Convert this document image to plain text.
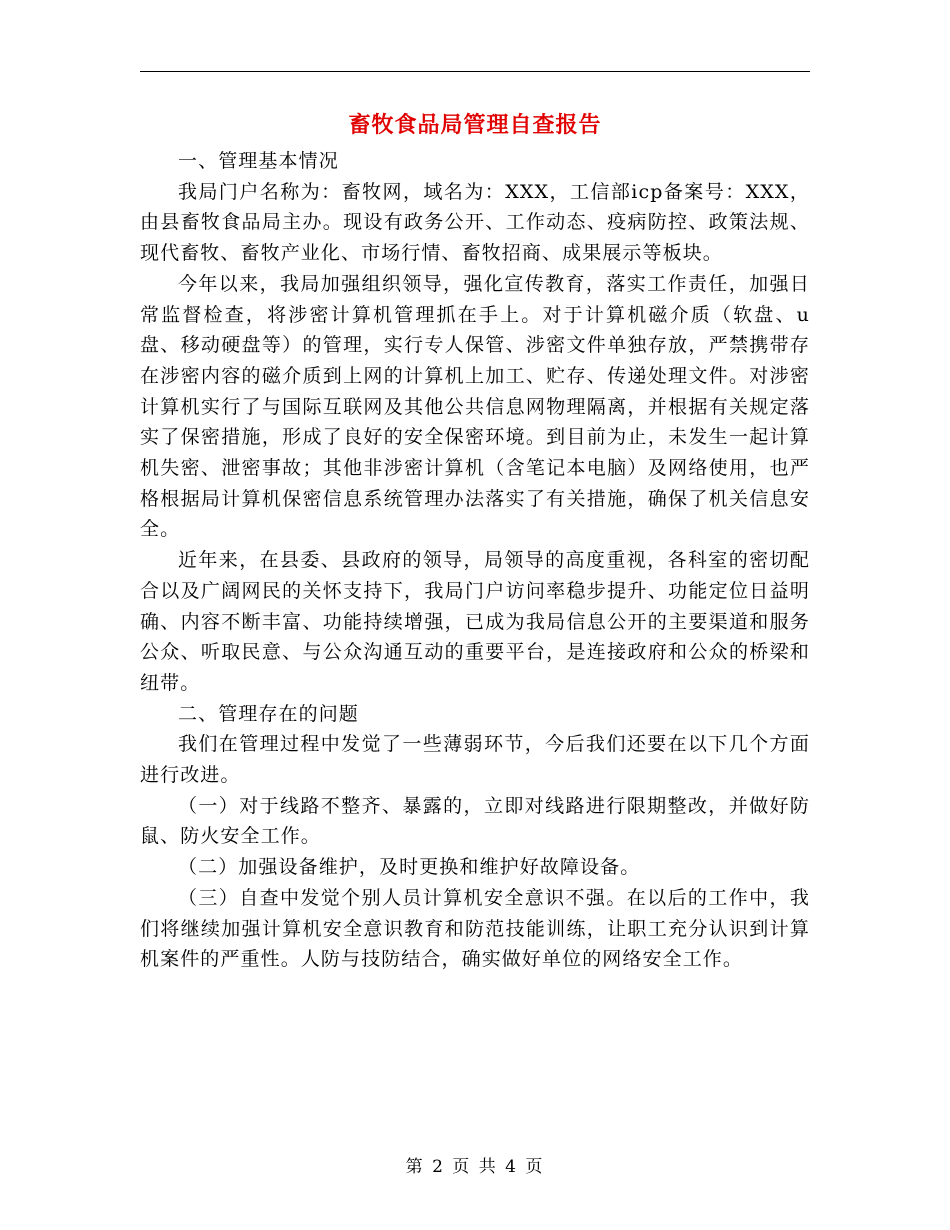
畜牧食品局管理自查报告

一、管理基本情况

我局门户名称为：畜牧网，域名为：XXX，工信部icp备案号：XXX，由县畜牧食品局主办。现设有政务公开、工作动态、疫病防控、政策法规、现代畜牧、畜牧产业化、市场行情、畜牧招商、成果展示等板块。

今年以来，我局加强组织领导，强化宣传教育，落实工作责任，加强日常监督检查，将涉密计算机管理抓在手上。对于计算机磁介质（软盘、u盘、移动硬盘等）的管理，实行专人保管、涉密文件单独存放，严禁携带存在涉密内容的磁介质到上网的计算机上加工、贮存、传递处理文件。对涉密计算机实行了与国际互联网及其他公共信息网物理隔离，并根据有关规定落实了保密措施，形成了良好的安全保密环境。到目前为止，未发生一起计算机失密、泄密事故；其他非涉密计算机（含笔记本电脑）及网络使用，也严格根据局计算机保密信息系统管理办法落实了有关措施，确保了机关信息安全。

近年来，在县委、县政府的领导，局领导的高度重视，各科室的密切配合以及广阔网民的关怀支持下，我局门户访问率稳步提升、功能定位日益明确、内容不断丰富、功能持续增强，已成为我局信息公开的主要渠道和服务公众、听取民意、与公众沟通互动的重要平台，是连接政府和公众的桥梁和纽带。

二、管理存在的问题

我们在管理过程中发觉了一些薄弱环节，今后我们还要在以下几个方面进行改进。

（一）对于线路不整齐、暴露的，立即对线路进行限期整改，并做好防鼠、防火安全工作。

（二）加强设备维护，及时更换和维护好故障设备。

（三）自查中发觉个别人员计算机安全意识不强。在以后的工作中，我们将继续加强计算机安全意识教育和防范技能训练，让职工充分认识到计算机案件的严重性。人防与技防结合，确实做好单位的网络安全工作。

第 2 页 共 4 页
